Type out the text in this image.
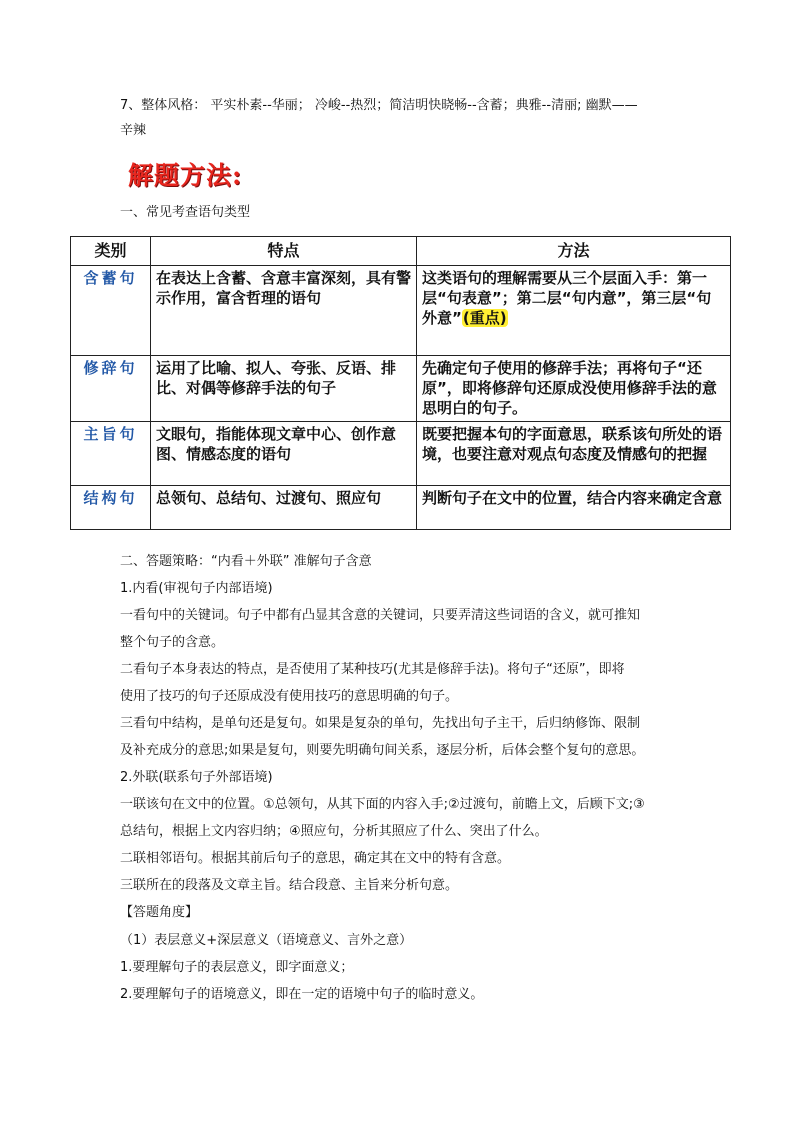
7、整体风格： 平实朴素--华丽； 冷峻--热烈；简洁明快晓畅--含蓄；典雅--清丽; 幽默——
辛辣
解题方法:
一、常见考查语句类型
类别	特点	方法
含蓄句	在表达上含蓄、含意丰富深刻，具有警示作用，富含哲理的语句	这类语句的理解需要从三个层面入手：第一层“句表意”；第二层“句内意”，第三层“句外意”(重点)
修辞句	运用了比喻、拟人、夸张、反语、排比、对偶等修辞手法的句子	先确定句子使用的修辞手法；再将句子“还原”，即将修辞句还原成没使用修辞手法的意思明白的句子。
主旨句	文眼句，指能体现文章中心、创作意图、情感态度的语句	既要把握本句的字面意思，联系该句所处的语境，也要注意对观点句态度及情感句的把握
结构句	总领句、总结句、过渡句、照应句	判断句子在文中的位置，结合内容来确定含意
二、答题策略：“内看＋外联” 准解句子含意
1.内看(审视句子内部语境)
一看句中的关键词。句子中都有凸显其含意的关键词，只要弄清这些词语的含义，就可推知
整个句子的含意。
二看句子本身表达的特点，是否使用了某种技巧(尤其是修辞手法)。将句子“还原”，即将
使用了技巧的句子还原成没有使用技巧的意思明确的句子。
三看句中结构，是单句还是复句。如果是复杂的单句，先找出句子主干，后归纳修饰、限制
及补充成分的意思;如果是复句，则要先明确句间关系，逐层分析，后体会整个复句的意思。
2.外联(联系句子外部语境)
一联该句在文中的位置。①总领句，从其下面的内容入手;②过渡句，前瞻上文，后顾下文;③
总结句，根据上文内容归纳；④照应句，分析其照应了什么、突出了什么。
二联相邻语句。根据其前后句子的意思，确定其在文中的特有含意。
三联所在的段落及文章主旨。结合段意、主旨来分析句意。
【答题角度】
（1）表层意义+深层意义（语境意义、言外之意）
1.要理解句子的表层意义，即字面意义；
2.要理解句子的语境意义，即在一定的语境中句子的临时意义。
